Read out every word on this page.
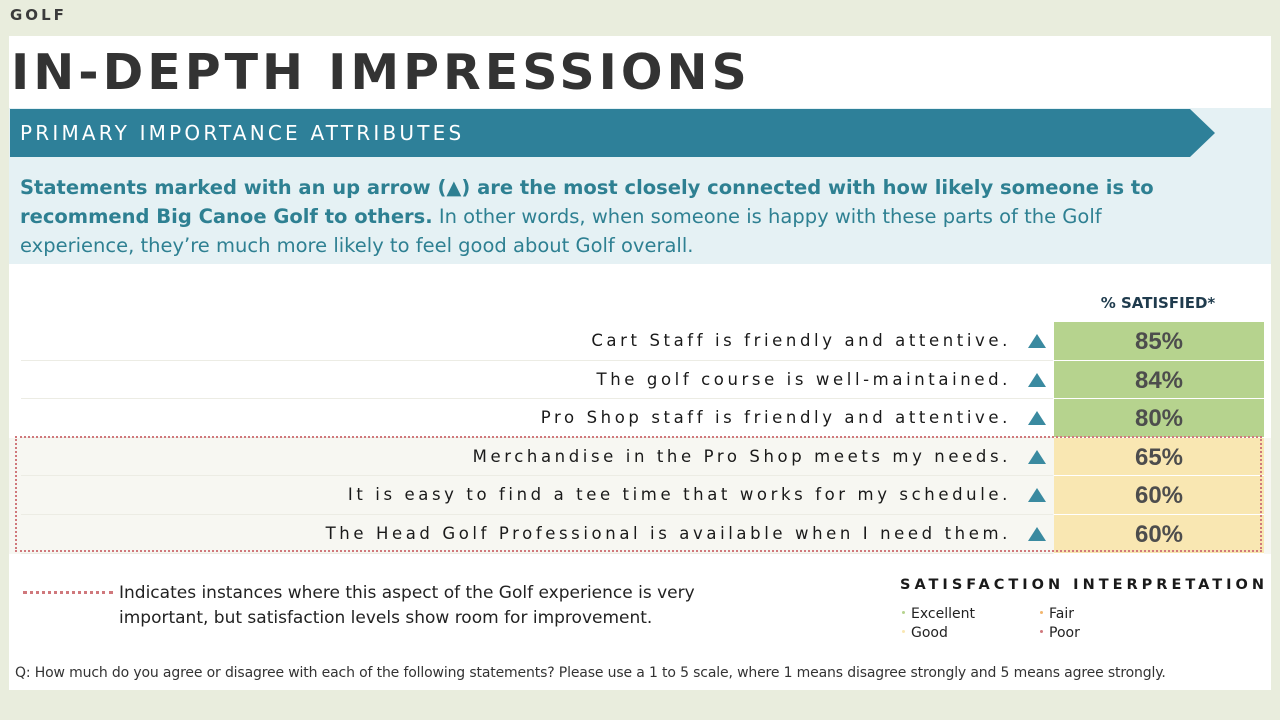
GOLF
IN-DEPTH IMPRESSIONS
PRIMARY IMPORTANCE ATTRIBUTES
Statements marked with an up arrow (▲) are the most closely connected with how likely someone is to recommend Big Canoe Golf to others. In other words, when someone is happy with these parts of the Golf experience, they’re much more likely to feel good about Golf overall.
% SATISFIED*
Cart Staff is friendly and attentive.	85%
The golf course is well-maintained.	84%
Pro Shop staff is friendly and attentive.	80%
Merchandise in the Pro Shop meets my needs.	65%
It is easy to find a tee time that works for my schedule.	60%
The Head Golf Professional is available when I need them.	60%
Indicates instances where this aspect of the Golf experience is very important, but satisfaction levels show room for improvement.
SATISFACTION INTERPRETATION
Excellent
Good
Fair
Poor
Q: How much do you agree or disagree with each of the following statements? Please use a 1 to 5 scale, where 1 means disagree strongly and 5 means agree strongly.
